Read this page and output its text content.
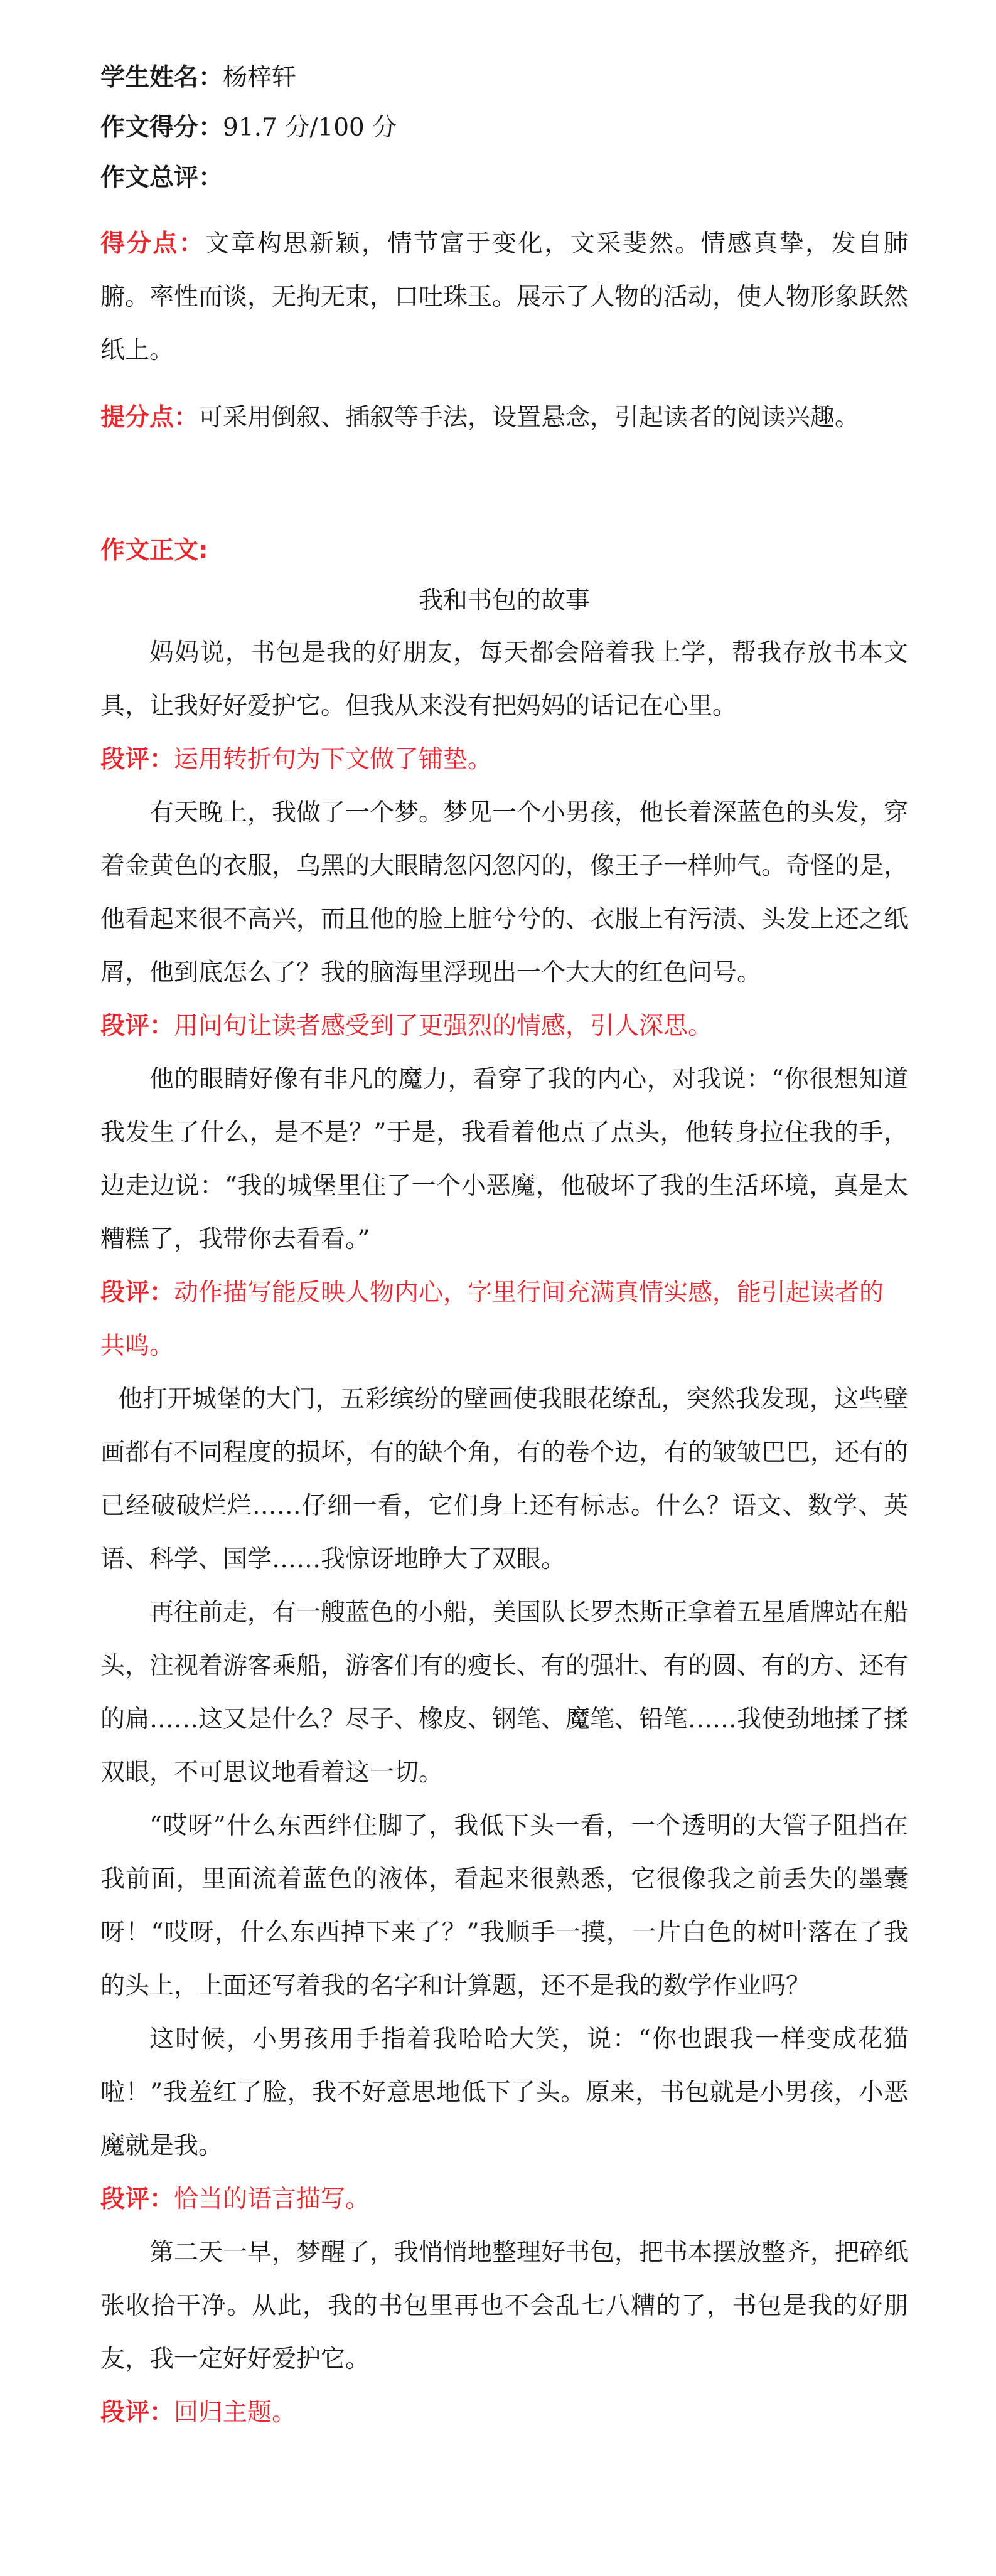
学生姓名：杨梓轩

作文得分：91.7 分/100 分

作文总评：

得分点：文章构思新颖，情节富于变化，文采斐然。情感真挚，发自肺腑。率性而谈，无拘无束，口吐珠玉。展示了人物的活动，使人物形象跃然纸上。

提分点：可采用倒叙、插叙等手法，设置悬念，引起读者的阅读兴趣。

作文正文:

我和书包的故事

妈妈说，书包是我的好朋友，每天都会陪着我上学，帮我存放书本文具，让我好好爱护它。但我从来没有把妈妈的话记在心里。

段评：运用转折句为下文做了铺垫。

有天晚上，我做了一个梦。梦见一个小男孩，他长着深蓝色的头发，穿着金黄色的衣服，乌黑的大眼睛忽闪忽闪的，像王子一样帅气。奇怪的是，他看起来很不高兴，而且他的脸上脏兮兮的、衣服上有污渍、头发上还之纸屑，他到底怎么了？我的脑海里浮现出一个大大的红色问号。

段评：用问句让读者感受到了更强烈的情感，引人深思。

他的眼睛好像有非凡的魔力，看穿了我的内心，对我说：“你很想知道我发生了什么，是不是？”于是，我看着他点了点头，他转身拉住我的手，边走边说：“我的城堡里住了一个小恶魔，他破坏了我的生活环境，真是太糟糕了，我带你去看看。”

段评：动作描写能反映人物内心，字里行间充满真情实感，能引起读者的共鸣。

他打开城堡的大门，五彩缤纷的壁画使我眼花缭乱，突然我发现，这些壁画都有不同程度的损坏，有的缺个角，有的卷个边，有的皱皱巴巴，还有的已经破破烂烂……仔细一看，它们身上还有标志。什么？语文、数学、英语、科学、国学……我惊讶地睁大了双眼。

再往前走，有一艘蓝色的小船，美国队长罗杰斯正拿着五星盾牌站在船头，注视着游客乘船，游客们有的瘦长、有的强壮、有的圆、有的方、还有的扁……这又是什么？尽子、橡皮、钢笔、魔笔、铅笔……我使劲地揉了揉双眼，不可思议地看着这一切。

“哎呀”什么东西绊住脚了，我低下头一看，一个透明的大管子阻挡在我前面，里面流着蓝色的液体，看起来很熟悉，它很像我之前丢失的墨囊呀！“哎呀，什么东西掉下来了？”我顺手一摸，一片白色的树叶落在了我的头上，上面还写着我的名字和计算题，还不是我的数学作业吗？

这时候，小男孩用手指着我哈哈大笑，说：“你也跟我一样变成花猫啦！”我羞红了脸，我不好意思地低下了头。原来，书包就是小男孩，小恶魔就是我。

段评：恰当的语言描写。

第二天一早，梦醒了，我悄悄地整理好书包，把书本摆放整齐，把碎纸张收拾干净。从此，我的书包里再也不会乱七八糟的了，书包是我的好朋友，我一定好好爱护它。

段评：回归主题。
